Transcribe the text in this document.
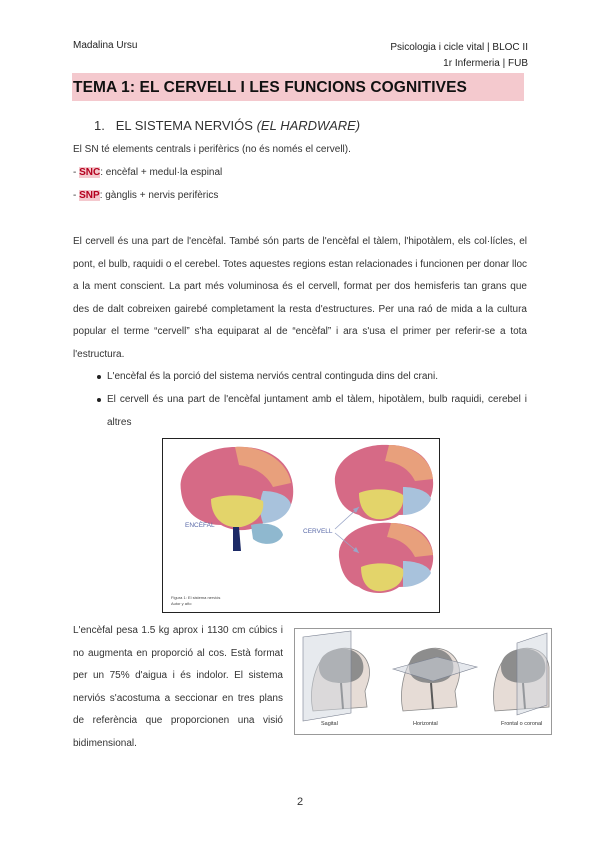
Madalina Ursu	Psicologia i cicle vital | BLOC II
1r Infermeria | FUB
TEMA 1: EL CERVELL I LES FUNCIONS COGNITIVES
1. EL SISTEMA NERVIÓS (EL HARDWARE)
El SN té elements centrals i perifèrics (no és només el cervell).
- SNC: encèfal + medul·la espinal
- SNP: gànglis + nervis perifèrics

El cervell és una part de l'encèfal. També són parts de l'encèfal el tàlem, l'hipotàlem, els col·lícles, el pont, el bulb, raquidi o el cerebel. Totes aquestes regions estan relacionades i funcionen per donar lloc a la ment conscient. La part més voluminosa és el cervell, format per dos hemisferis tan grans que des de dalt cobreixen gairebé completament la resta d'estructures. Per una raó de mida a la cultura popular el terme “cervell” s'ha equiparat al de “encèfal” i ara s'usa el primer per referir-se a tota l'estructura.

L'encèfal és la porció del sistema nerviós central continguda dins del crani.

El cervell és una part de l'encèfal juntament amb el tàlem, hipotàlem, bulb raquidi, cerebel i altres

ENCÈFAL
CERVELL
Figura 1: El sistema nerviós
Autor y año

L'encèfal pesa 1.5 kg aprox i 1130 cm cúbics i no augmenta en proporció al cos. Està format per un 75% d'aigua i és indolor. El sistema nerviós s'acostuma a seccionar en tres plans de referència que proporcionen una visió bidimensional.

Sagital	Horizontal	Frontal o coronal
2
